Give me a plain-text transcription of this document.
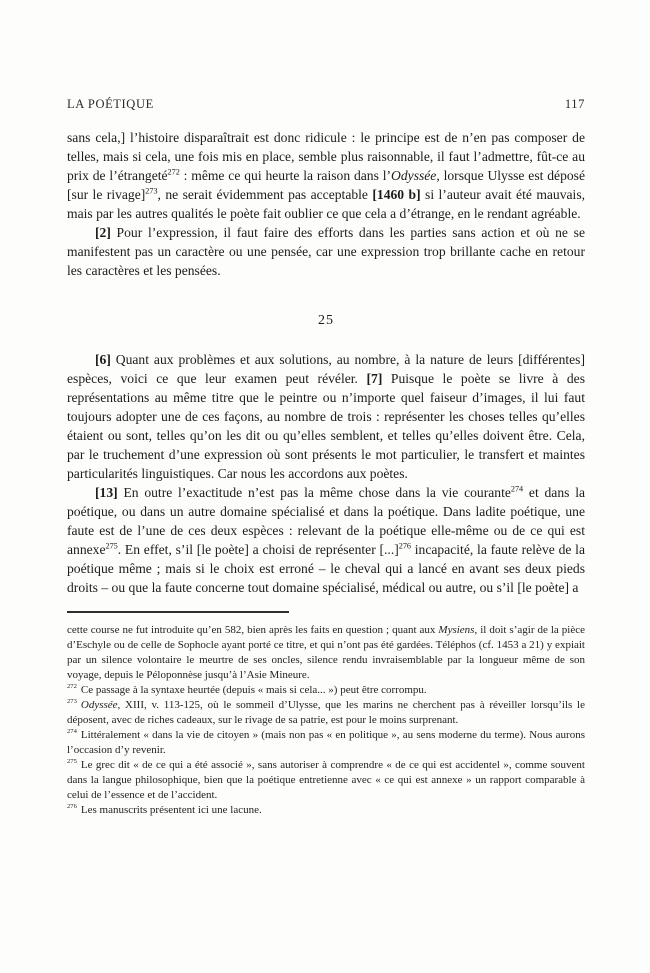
LA POÉTIQUE	117

sans cela,] l’histoire disparaîtrait est donc ridicule : le principe est de n’en pas composer de telles, mais si cela, une fois mis en place, semble plus raisonnable, il faut l’admettre, fût-ce au prix de l’étrangeté$^{272}$ : même ce qui heurte la raison dans l’Odyssée, lorsque Ulysse est déposé [sur le rivage]$^{273}$, ne serait évidemment pas acceptable [1460 b] si l’auteur avait été mauvais, mais par les autres qualités le poète fait oublier ce que cela a d’étrange, en le rendant agréable.

[2] Pour l’expression, il faut faire des efforts dans les parties sans action et où ne se manifestent pas un caractère ou une pensée, car une expression trop brillante cache en retour les caractères et les pensées.

25

[6] Quant aux problèmes et aux solutions, au nombre, à la nature de leurs [différentes] espèces, voici ce que leur examen peut révéler. [7] Puisque le poète se livre à des représentations au même titre que le peintre ou n’importe quel faiseur d’images, il lui faut toujours adopter une de ces façons, au nombre de trois : représenter les choses telles qu’elles étaient ou sont, telles qu’on les dit ou qu’elles semblent, et telles qu’elles doivent être. Cela, par le truchement d’une expression où sont présents le mot particulier, le transfert et maintes particularités linguistiques. Car nous les accordons aux poètes.

[13] En outre l’exactitude n’est pas la même chose dans la vie courante$^{274}$ et dans la poétique, ou dans un autre domaine spécialisé et dans la poétique. Dans ladite poétique, une faute est de l’une de ces deux espèces : relevant de la poétique elle-même ou de ce qui est annexe$^{275}$. En effet, s’il [le poète] a choisi de représenter [...]$^{276}$ incapacité, la faute relève de la poétique même ; mais si le choix est erroné – le cheval qui a lancé en avant ses deux pieds droits – ou que la faute concerne tout domaine spécialisé, médical ou autre, ou s’il [le poète] a

cette course ne fut introduite qu’en 582, bien après les faits en question ; quant aux Mysiens, il doit s’agir de la pièce d’Eschyle ou de celle de Sophocle ayant porté ce titre, et qui n’ont pas été gardées. Téléphos (cf. 1453 a 21) y expiait par un silence volontaire le meurtre de ses oncles, silence rendu invraisemblable par la longueur même de son voyage, depuis le Péloponnèse jusqu’à l’Asie Mineure.

$^{272}$ Ce passage à la syntaxe heurtée (depuis « mais si cela... ») peut être corrompu.

$^{273}$ Odyssée, XIII, v. 113-125, où le sommeil d’Ulysse, que les marins ne cherchent pas à réveiller lorsqu’ils le déposent, avec de riches cadeaux, sur le rivage de sa patrie, est pour le moins surprenant.

$^{274}$ Littéralement « dans la vie de citoyen » (mais non pas « en politique », au sens moderne du terme). Nous aurons l’occasion d’y revenir.

$^{275}$ Le grec dit « de ce qui a été associé », sans autoriser à comprendre « de ce qui est accidentel », comme souvent dans la langue philosophique, bien que la poétique entretienne avec « ce qui est annexe » un rapport comparable à celui de l’essence et de l’accident.

$^{276}$ Les manuscrits présentent ici une lacune.
